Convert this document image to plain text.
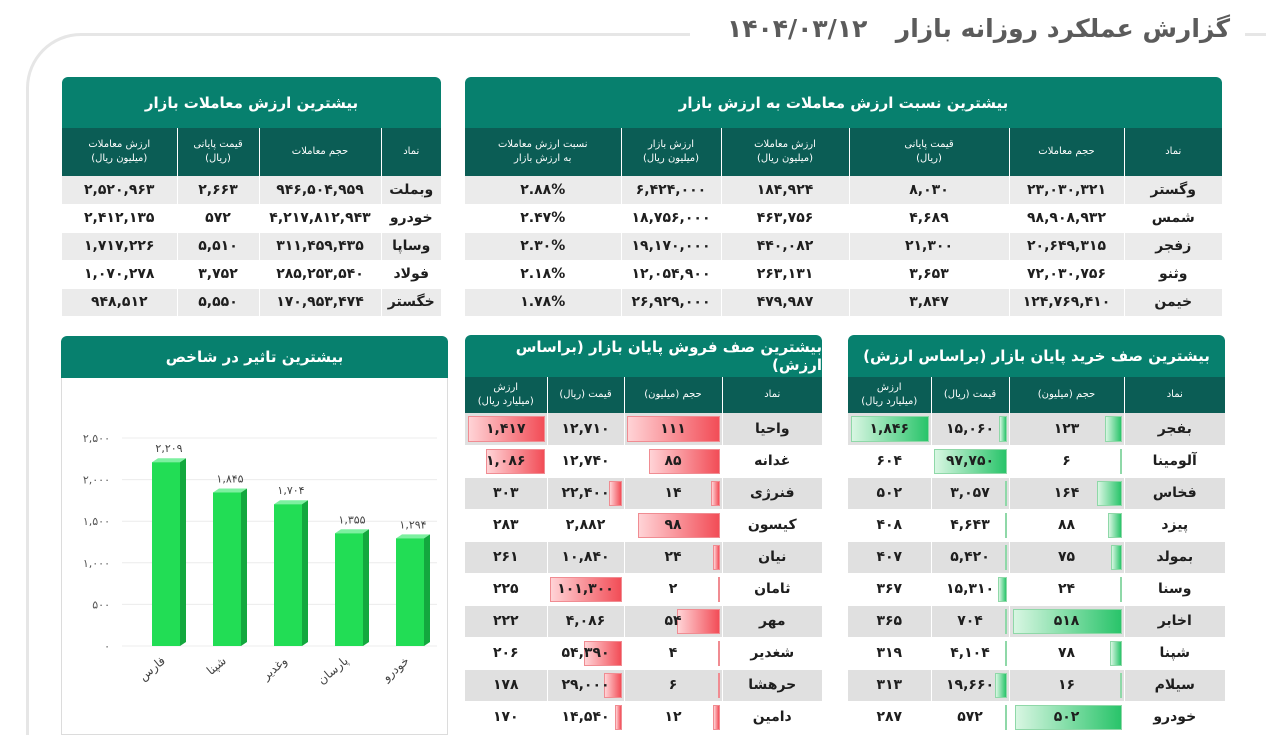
گزارش عملکرد روزانه بازار
۱۴۰۴/۰۳/۱۲
بیشترین ارزش معاملات بازار
نماد	حجم معاملات	قیمت پایانی
(ریال)	ارزش معاملات
(میلیون ریال)
وبملت	۹۴۶,۵۰۴,۹۵۹	۲,۶۶۳	۲,۵۲۰,۹۶۳
خودرو	۴,۲۱۷,۸۱۲,۹۴۳	۵۷۲	۲,۴۱۲,۱۳۵
وساپا	۳۱۱,۴۵۹,۴۳۵	۵,۵۱۰	۱,۷۱۷,۲۲۶
فولاد	۲۸۵,۲۵۳,۵۴۰	۳,۷۵۲	۱,۰۷۰,۲۷۸
خگستر	۱۷۰,۹۵۳,۴۷۴	۵,۵۵۰	۹۴۸,۵۱۲
بیشترین نسبت ارزش معاملات به ارزش بازار
نماد	حجم معاملات	قیمت پایانی
(ریال)	ارزش معاملات
(میلیون ریال)	ارزش بازار
(میلیون ریال)	نسبت ارزش معاملات
به ارزش بازار
وگستر	۲۳,۰۳۰,۳۲۱	۸,۰۳۰	۱۸۴,۹۲۴	۶,۴۲۴,۰۰۰	۲.۸۸%
شمس	۹۸,۹۰۸,۹۳۲	۴,۶۸۹	۴۶۳,۷۵۶	۱۸,۷۵۶,۰۰۰	۲.۴۷%
زفجر	۲۰,۶۴۹,۳۱۵	۲۱,۳۰۰	۴۴۰,۰۸۲	۱۹,۱۷۰,۰۰۰	۲.۳۰%
وثنو	۷۲,۰۳۰,۷۵۶	۳,۶۵۳	۲۶۳,۱۳۱	۱۲,۰۵۴,۹۰۰	۲.۱۸%
خیمن	۱۲۴,۷۶۹,۴۱۰	۳,۸۴۷	۴۷۹,۹۸۷	۲۶,۹۲۹,۰۰۰	۱.۷۸%
بیشترین تاثیر در شاخص
۰
۵۰۰
۱,۰۰۰
۱,۵۰۰
۲,۰۰۰
۲,۵۰۰
۲,۲۰۹
فارس
۱,۸۴۵
شپنا
۱,۷۰۴
وغدیر
۱,۳۵۵
پارسان
۱,۲۹۴
خودرو
بیشترین صف فروش پایان بازار (براساس ارزش)
نماد	حجم (میلیون)	قیمت (ریال)	ارزش
(میلیارد ریال)

واحیا	۱۱۱	۱۲,۷۱۰	۱,۴۱۷

غدانه	۸۵	۱۲,۷۴۰	۱,۰۸۶

فنرژی	۱۴	۲۲,۴۰۰	۳۰۳

کیسون	۹۸	۲,۸۸۲	۲۸۳

نیان	۲۴	۱۰,۸۴۰	۲۶۱

ثامان	۲	۱۰۱,۳۰۰	۲۲۵

مهر	۵۴	۴,۰۸۶	۲۲۲

شغدیر	۴	۵۴,۳۹۰	۲۰۶

حرهشا	۶	۲۹,۰۰۰	۱۷۸

دامین	۱۲	۱۴,۵۴۰	۱۷۰
بیشترین صف خرید پایان بازار (براساس ارزش)
نماد	حجم (میلیون)	قیمت (ریال)	ارزش
(میلیارد ریال)

بفجر	۱۲۳	۱۵,۰۶۰	۱,۸۴۶

آلومینا	۶	۹۷,۷۵۰	۶۰۴

فخاس	۱۶۴	۳,۰۵۷	۵۰۲

پیزد	۸۸	۴,۶۴۳	۴۰۸

بمولد	۷۵	۵,۴۲۰	۴۰۷

وسنا	۲۴	۱۵,۳۱۰	۳۶۷

اخابر	۵۱۸	۷۰۴	۳۶۵

شپنا	۷۸	۴,۱۰۴	۳۱۹

سیلام	۱۶	۱۹,۶۶۰	۳۱۳

خودرو	۵۰۲	۵۷۲	۲۸۷
